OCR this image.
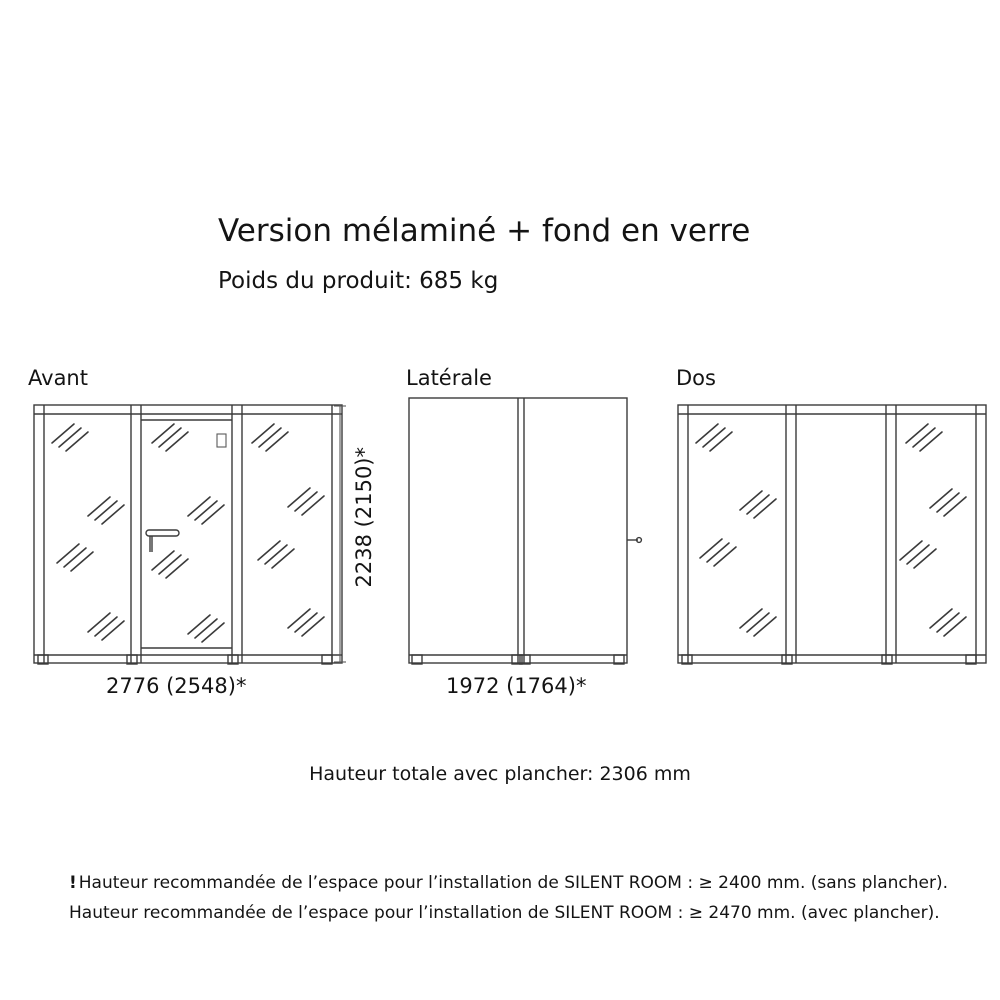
Version mélaminé + fond en verre
Poids du produit: 685 kg
Avant	Latérale	Dos
2238 (2150)*
2776 (2548)*	1972 (1764)*
Hauteur totale avec plancher: 2306 mm
! Hauteur recommandée de l’espace pour l’installation de SILENT ROOM : ≥ 2400 mm. (sans plancher).
Hauteur recommandée de l’espace pour l’installation de SILENT ROOM : ≥ 2470 mm. (avec plancher).
